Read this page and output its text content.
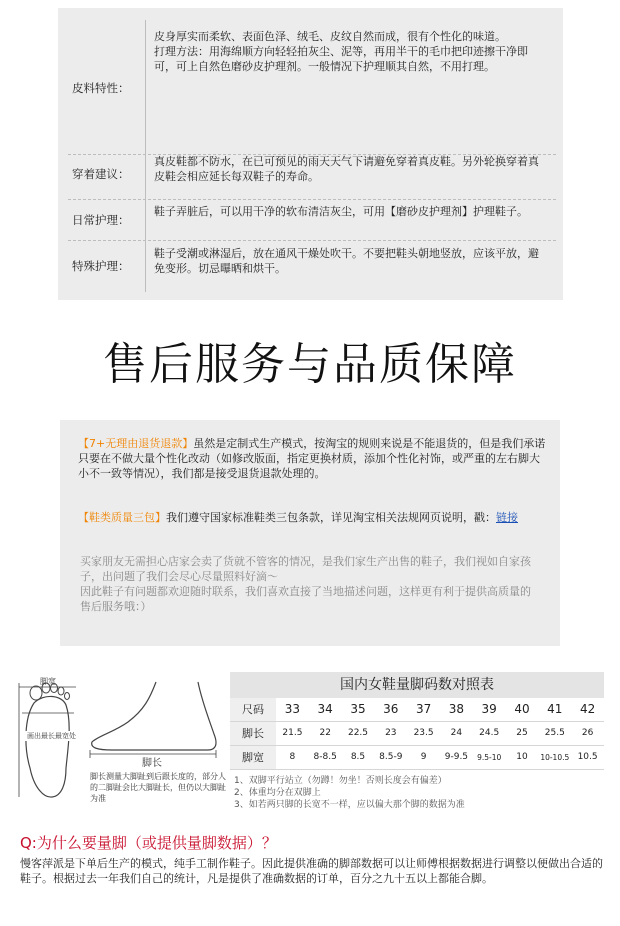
皮料特性：
皮身厚实而柔软、表面色泽、绒毛、皮纹自然而成，很有个性化的味道。
打理方法：用海绵顺方向轻轻拍灰尘、泥等，再用半干的毛巾把印迹擦干净即可，可上自然色磨砂皮护理剂。一般情况下护理顺其自然，不用打理。
穿着建议：
真皮鞋都不防水，在已可预见的雨天天气下请避免穿着真皮鞋。另外轮换穿着真皮鞋会相应延长每双鞋子的寿命。
日常护理：
鞋子弄脏后，可以用干净的软布清洁灰尘，可用【磨砂皮护理剂】护理鞋子。
特殊护理：
鞋子受潮或淋湿后，放在通风干燥处吹干。不要把鞋头朝地竖放，应该平放，避免变形。切忌曝晒和烘干。
售后服务与品质保障
【7+无理由退货退款】虽然是定制式生产模式，按淘宝的规则来说是不能退货的，但是我们承诺只要在不做大量个性化改动（如修改版面，指定更换材质，添加个性化衬饰，或严重的左右脚大小不一致等情况），我们都是接受退货退款处理的。
【鞋类质量三包】我们遵守国家标准鞋类三包条款，详见淘宝相关法规网页说明，戳：链接
买家朋友无需担心店家会卖了货就不管客的情况，是我们家生产出售的鞋子，我们视如自家孩子，出问题了我们会尽心尽量照料好滴～
因此鞋子有问题都欢迎随时联系，我们喜欢直接了当地描述问题，这样更有利于提供高质量的售后服务哦：）
脚宽
画出最长最宽处
脚长
脚长测量大脚趾到后跟长度的，部分人的二脚趾会比大脚趾长，但仍以大脚趾为准
国内女鞋量脚码数对照表
尺码	33	34	35	36	37	38	39	40	41	42
脚长	21.5	22	22.5	23	23.5	24	24.5	25	25.5	26
脚宽	8	8-8.5	8.5	8.5-9	9	9-9.5	9.5-10	10	10-10.5 10.5
1、双脚平行站立（勿蹲！勿坐！否则长度会有偏差）
2、体重均分在双脚上
3、如若两只脚的长宽不一样，应以偏大那个脚的数据为准
Q:为什么要量脚（或提供量脚数据）？
慢客萍派是下单后生产的模式，纯手工制作鞋子。因此提供准确的脚部数据可以让师傅根据数据进行调整以便做出合适的鞋子。根据过去一年我们自己的统计，凡是提供了准确数据的订单，百分之九十五以上都能合脚。
